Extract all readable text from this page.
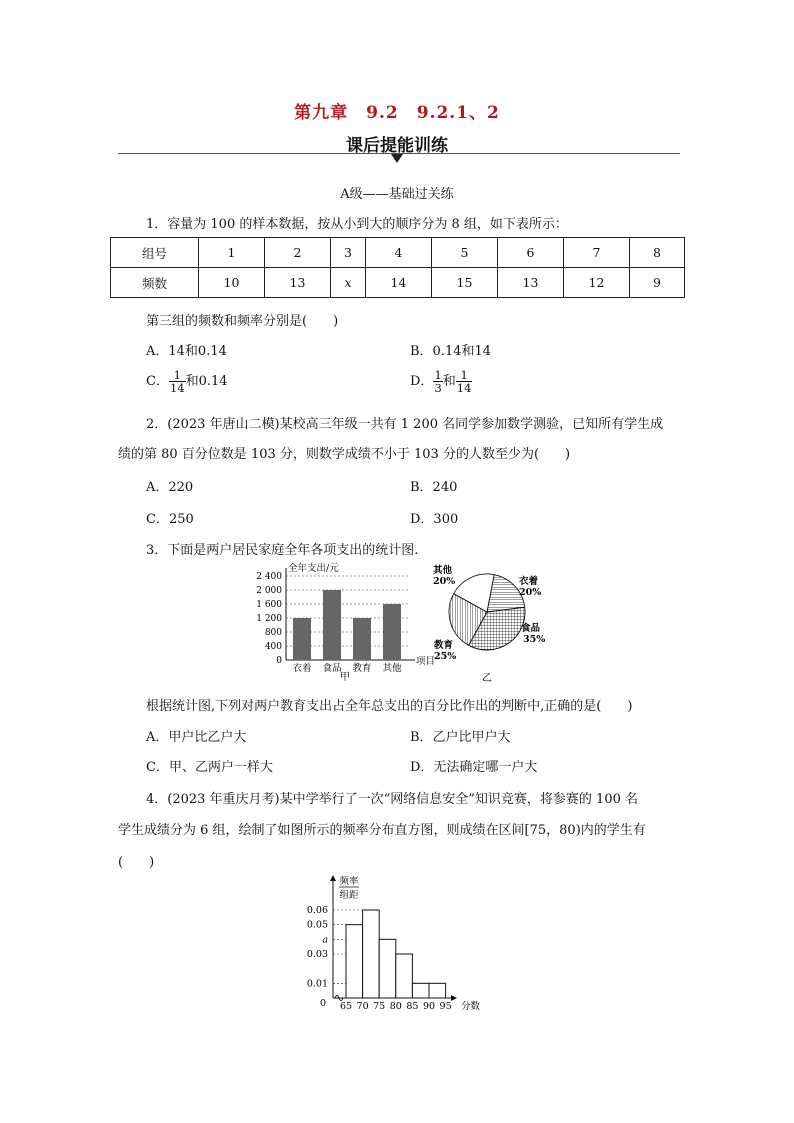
第九章　9.2　9.2.1、2
课后提能训练
A级——基础过关练
1．容量为 100 的样本数据，按从小到大的顺序分为 8 组，如下表所示：
组号	1	2	3	4	5	6	7	8
频数	10	13	x	14	15	13	12	9
第三组的频数和频率分别是(　　)
A．14和0.14	B．0.14和14
C． $\frac{1}{14}$ 和0.14	D． $\frac{1}{3}$ 和 $\frac{1}{14}$
2．(2023 年唐山二模)某校高三年级一共有 1 200 名同学参加数学测验，已知所有学生成
绩的第 80 百分位数是 103 分，则数学成绩不小于 103 分的人数至少为(　　)
A．220	B．240
C．250	D．300
3．下面是两户居民家庭全年各项支出的统计图.
全年支出/元
0
400
800
1 200
1 600
2 000
2 400
衣着 食品 教育 其他
项目
甲
其他
20%	衣着
20%
食品
35%
教育
25%
乙
根据统计图,下列对两户教育支出占全年总支出的百分比作出的判断中,正确的是(　　)
A．甲户比乙户大	B．乙户比甲户大
C．甲、乙两户一样大	D．无法确定哪一户大
4．(2023 年重庆月考)某中学举行了一次“网络信息安全”知识竞赛，将参赛的 100 名
学生成绩分为 6 组，绘制了如图所示的频率分布直方图，则成绩在区间[75，80)内的学生有
(　　)
频率
组距
0
0.01
0.03
a
0.05
0.06
65 70 75 80 85 90 95 分数
